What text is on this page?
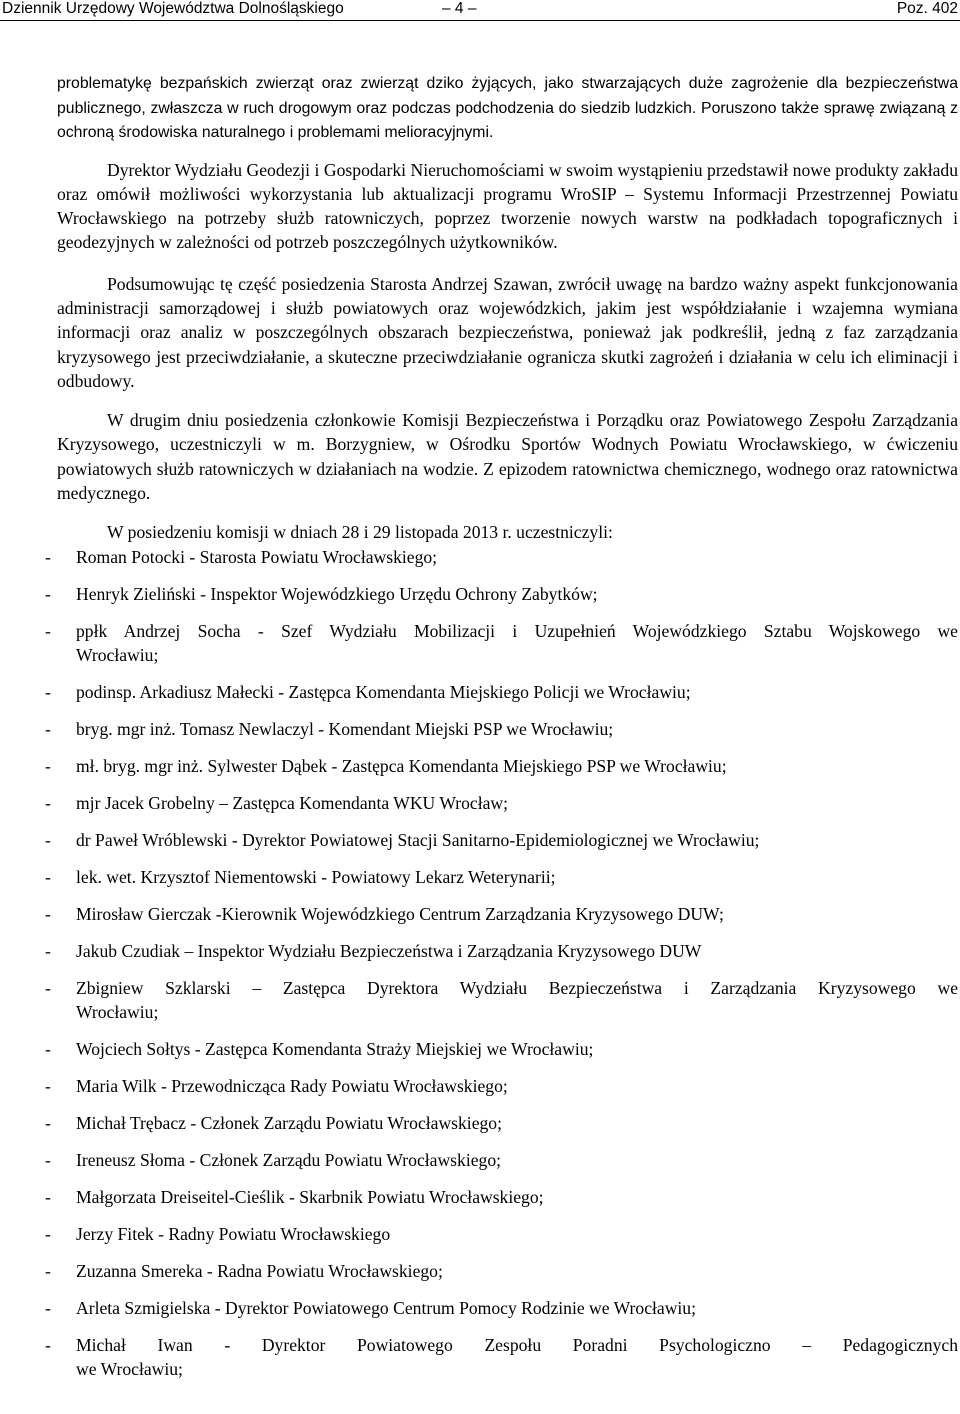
Dziennik Urzędowy Województwa Dolnośląskiego	– 4 –	Poz. 402

problematykę bezpańskich zwierząt oraz zwierząt dziko żyjących, jako stwarzających duże zagrożenie dla bezpieczeństwa publicznego, zwłaszcza w ruch drogowym oraz podczas podchodzenia do siedzib ludzkich. Poruszono także sprawę związaną z ochroną środowiska naturalnego i problemami melioracyjnymi.

Dyrektor Wydziału Geodezji i Gospodarki Nieruchomościami w swoim wystąpieniu przedstawił nowe produkty zakładu oraz omówił możliwości wykorzystania lub aktualizacji programu WroSIP – Systemu Informacji Przestrzennej Powiatu Wrocławskiego na potrzeby służb ratowniczych, poprzez tworzenie nowych warstw na podkładach topograficznych i geodezyjnych w zależności od potrzeb poszczególnych użytkowników.

Podsumowując tę część posiedzenia Starosta Andrzej Szawan, zwrócił uwagę na bardzo ważny aspekt funkcjonowania administracji samorządowej i służb powiatowych oraz wojewódzkich, jakim jest współdziałanie i wzajemna wymiana informacji oraz analiz w poszczególnych obszarach bezpieczeństwa, ponieważ jak podkreślił, jedną z faz zarządzania kryzysowego jest przeciwdziałanie, a skuteczne przeciwdziałanie ogranicza skutki zagrożeń i działania w celu ich eliminacji i odbudowy.

W drugim dniu posiedzenia członkowie Komisji Bezpieczeństwa i Porządku oraz Powiatowego Zespołu Zarządzania Kryzysowego, uczestniczyli w m. Borzygniew, w Ośrodku Sportów Wodnych Powiatu Wrocławskiego, w ćwiczeniu powiatowych służb ratowniczych w działaniach na wodzie. Z epizodem ratownictwa chemicznego, wodnego oraz ratownictwa medycznego.

W posiedzeniu komisji w dniach 28 i 29 listopada 2013 r. uczestniczyli:

- Roman Potocki - Starosta Powiatu Wrocławskiego;
- Henryk Zieliński - Inspektor Wojewódzkiego Urzędu Ochrony Zabytków;
- ppłk Andrzej Socha - Szef Wydziału Mobilizacji i Uzupełnień Wojewódzkiego Sztabu Wojskowego we
Wrocławiu;
- podinsp. Arkadiusz Małecki - Zastępca Komendanta Miejskiego Policji we Wrocławiu;
- bryg. mgr inż. Tomasz Newlaczyl - Komendant Miejski PSP we Wrocławiu;
- mł. bryg. mgr inż. Sylwester Dąbek - Zastępca Komendanta Miejskiego PSP we Wrocławiu;
- mjr Jacek Grobelny – Zastępca Komendanta WKU Wrocław;
- dr Paweł Wróblewski - Dyrektor Powiatowej Stacji Sanitarno-Epidemiologicznej we Wrocławiu;
- lek. wet. Krzysztof Niementowski - Powiatowy Lekarz Weterynarii;
- Mirosław Gierczak -Kierownik Wojewódzkiego Centrum Zarządzania Kryzysowego DUW;
- Jakub Czudiak – Inspektor Wydziału Bezpieczeństwa i Zarządzania Kryzysowego DUW
- Zbigniew Szklarski – Zastępca Dyrektora Wydziału Bezpieczeństwa i Zarządzania Kryzysowego we
Wrocławiu;
- Wojciech Sołtys - Zastępca Komendanta Straży Miejskiej we Wrocławiu;
- Maria Wilk - Przewodnicząca Rady Powiatu Wrocławskiego;
- Michał Trębacz - Członek Zarządu Powiatu Wrocławskiego;
- Ireneusz Słoma - Członek Zarządu Powiatu Wrocławskiego;
- Małgorzata Dreiseitel-Cieślik - Skarbnik Powiatu Wrocławskiego;
- Jerzy Fitek - Radny Powiatu Wrocławskiego
- Zuzanna Smereka - Radna Powiatu Wrocławskiego;
- Arleta Szmigielska - Dyrektor Powiatowego Centrum Pomocy Rodzinie we Wrocławiu;
- Michał Iwan - Dyrektor Powiatowego Zespołu Poradni Psychologiczno – Pedagogicznych
we Wrocławiu;
